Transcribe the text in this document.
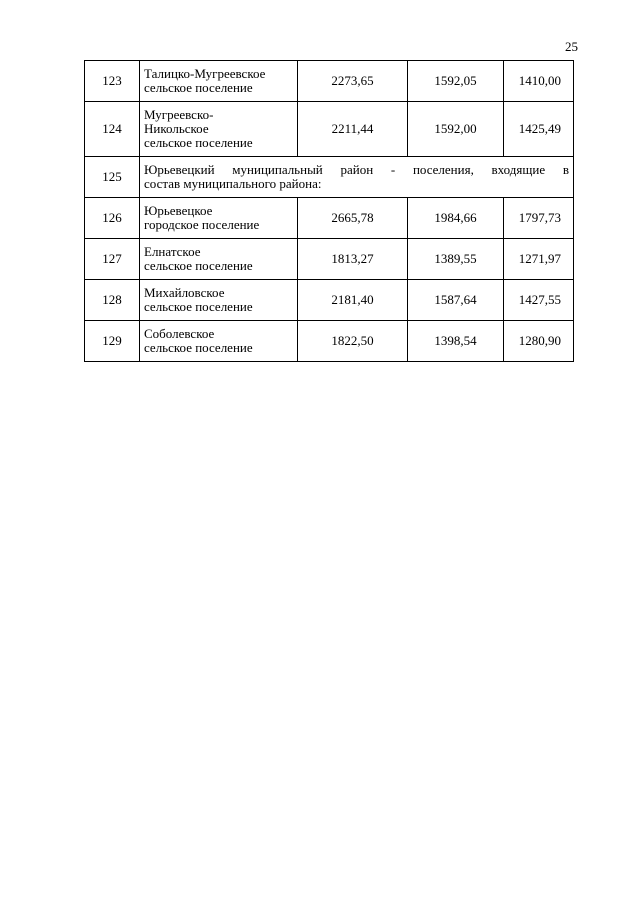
25
123	Талицко-Мугреевское
сельское поселение	2273,65	1592,05	1410,00
124	Мугреевско-
Никольское
сельское поселение	2211,44	1592,00	1425,49
125	Юрьевецкий муниципальный район - поселения, входящие в
состав муниципального района:			

126	Юрьевецкое
городское поселение	2665,78	1984,66	1797,73
127	Елнатское
сельское поселение	1813,27	1389,55	1271,97
128	Михайловское
сельское поселение	2181,40	1587,64	1427,55
129	Соболевское
сельское поселение	1822,50	1398,54	1280,90
